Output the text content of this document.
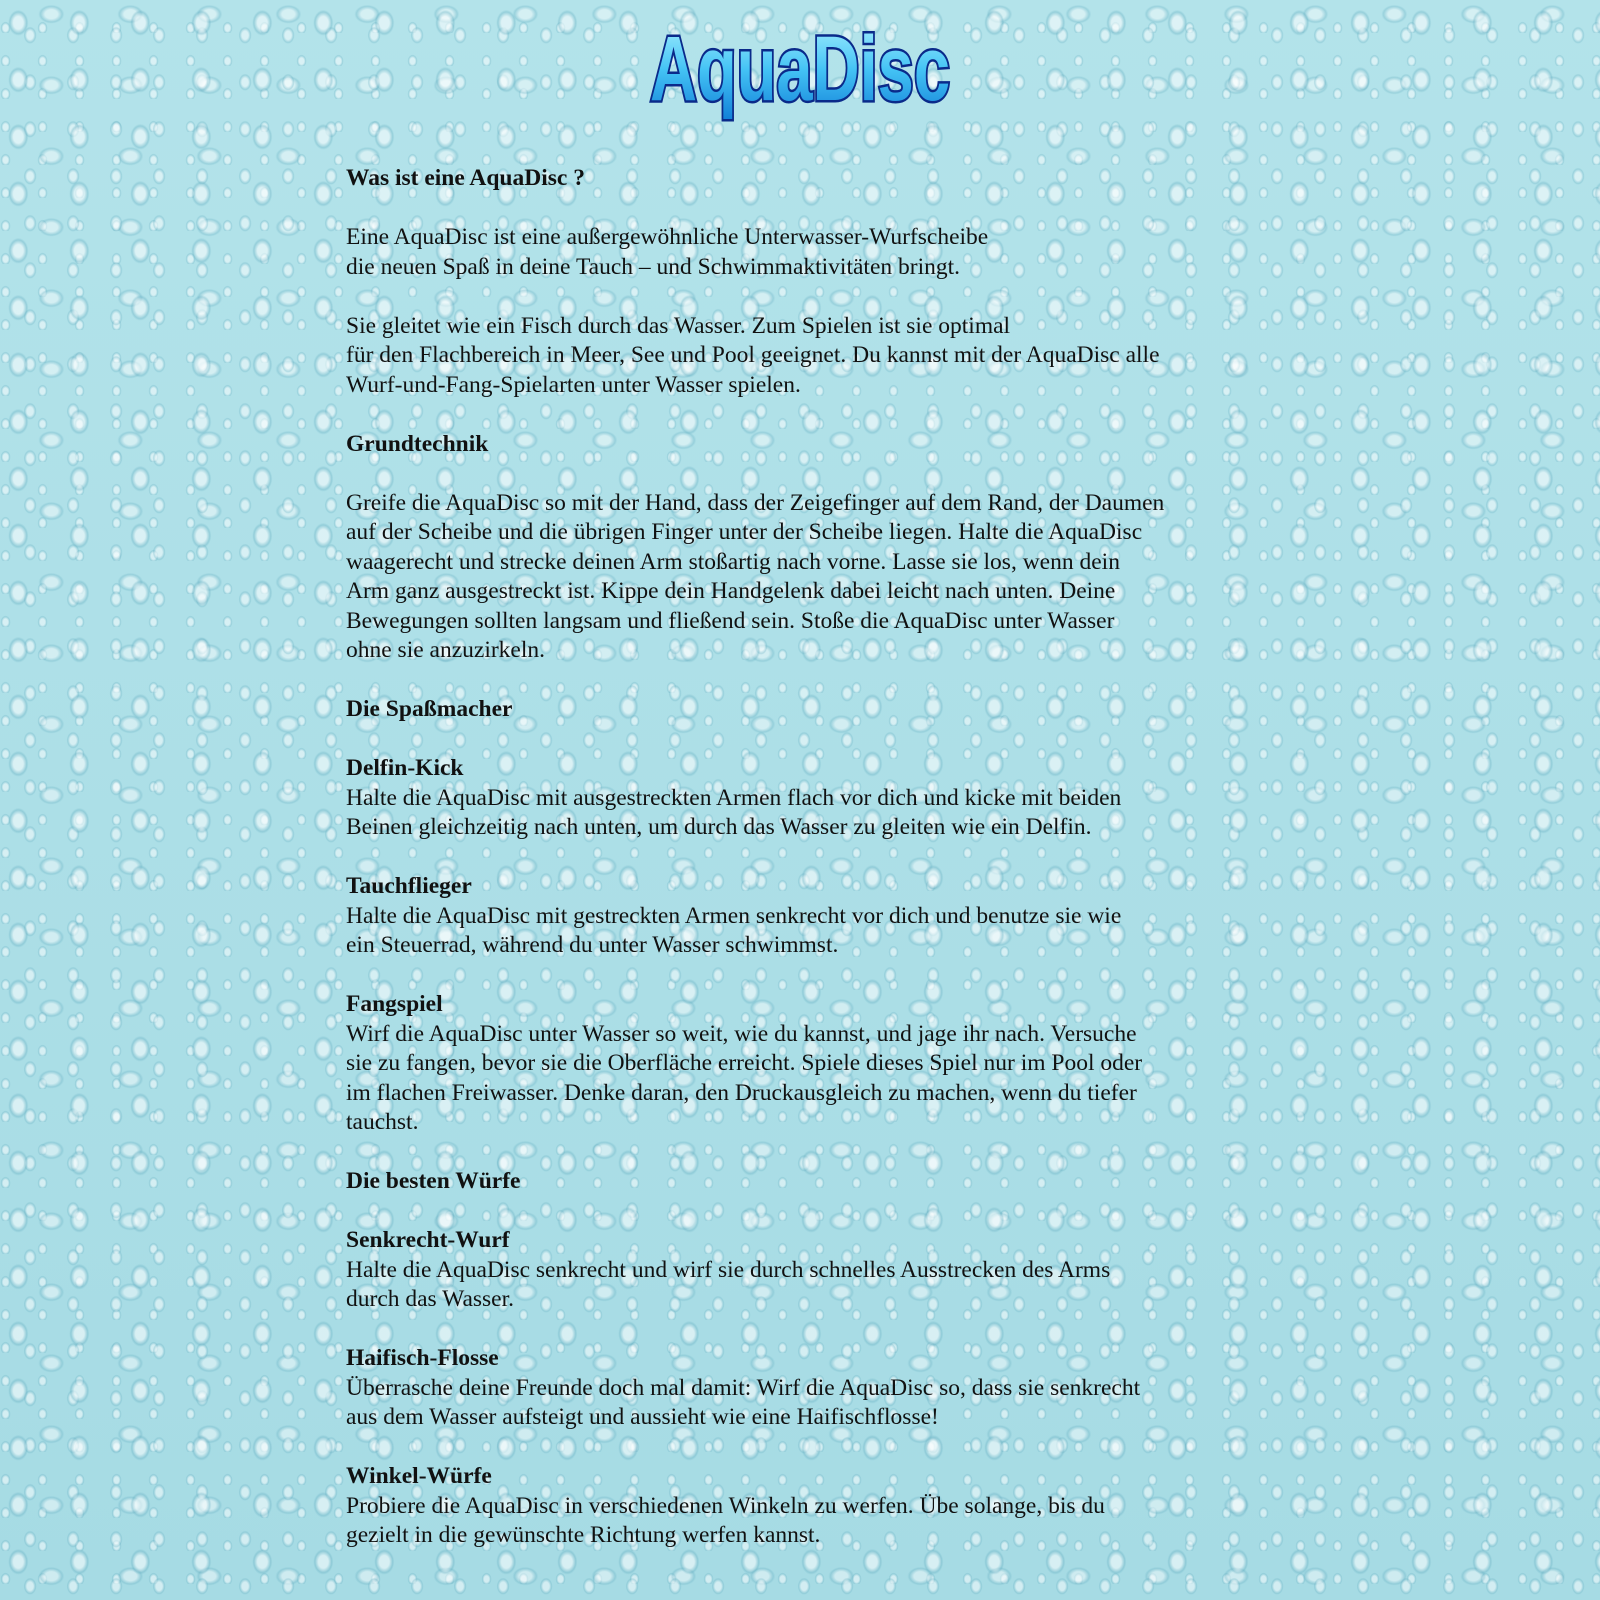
AquaDisc
Was ist eine AquaDisc ?

Eine AquaDisc ist eine außergewöhnliche Unterwasser-Wurfscheibe
die neuen Spaß in deine Tauch – und Schwimmaktivitäten bringt.

Sie gleitet wie ein Fisch durch das Wasser. Zum Spielen ist sie optimal
für den Flachbereich in Meer, See und Pool geeignet. Du kannst mit der AquaDisc alle
Wurf-und-Fang-Spielarten unter Wasser spielen.

Grundtechnik

Greife die AquaDisc so mit der Hand, dass der Zeigefinger auf dem Rand, der Daumen
auf der Scheibe und die übrigen Finger unter der Scheibe liegen. Halte die AquaDisc
waagerecht und strecke deinen Arm stoßartig nach vorne. Lasse sie los, wenn dein
Arm ganz ausgestreckt ist. Kippe dein Handgelenk dabei leicht nach unten. Deine
Bewegungen sollten langsam und fließend sein. Stoße die AquaDisc unter Wasser
ohne sie anzuzirkeln.

Die Spaßmacher
Delfin-Kick

Halte die AquaDisc mit ausgestreckten Armen flach vor dich und kicke mit beiden
Beinen gleichzeitig nach unten, um durch das Wasser zu gleiten wie ein Delfin.

Tauchflieger

Halte die AquaDisc mit gestreckten Armen senkrecht vor dich und benutze sie wie
ein Steuerrad, während du unter Wasser schwimmst.

Fangspiel

Wirf die AquaDisc unter Wasser so weit, wie du kannst, und jage ihr nach. Versuche
sie zu fangen, bevor sie die Oberfläche erreicht. Spiele dieses Spiel nur im Pool oder
im flachen Freiwasser. Denke daran, den Druckausgleich zu machen, wenn du tiefer
tauchst.

Die besten Würfe
Senkrecht-Wurf

Halte die AquaDisc senkrecht und wirf sie durch schnelles Ausstrecken des Arms
durch das Wasser.

Haifisch-Flosse

Überrasche deine Freunde doch mal damit: Wirf die AquaDisc so, dass sie senkrecht
aus dem Wasser aufsteigt und aussieht wie eine Haifischflosse!

Winkel-Würfe

Probiere die AquaDisc in verschiedenen Winkeln zu werfen. Übe solange, bis du
gezielt in die gewünschte Richtung werfen kannst.
